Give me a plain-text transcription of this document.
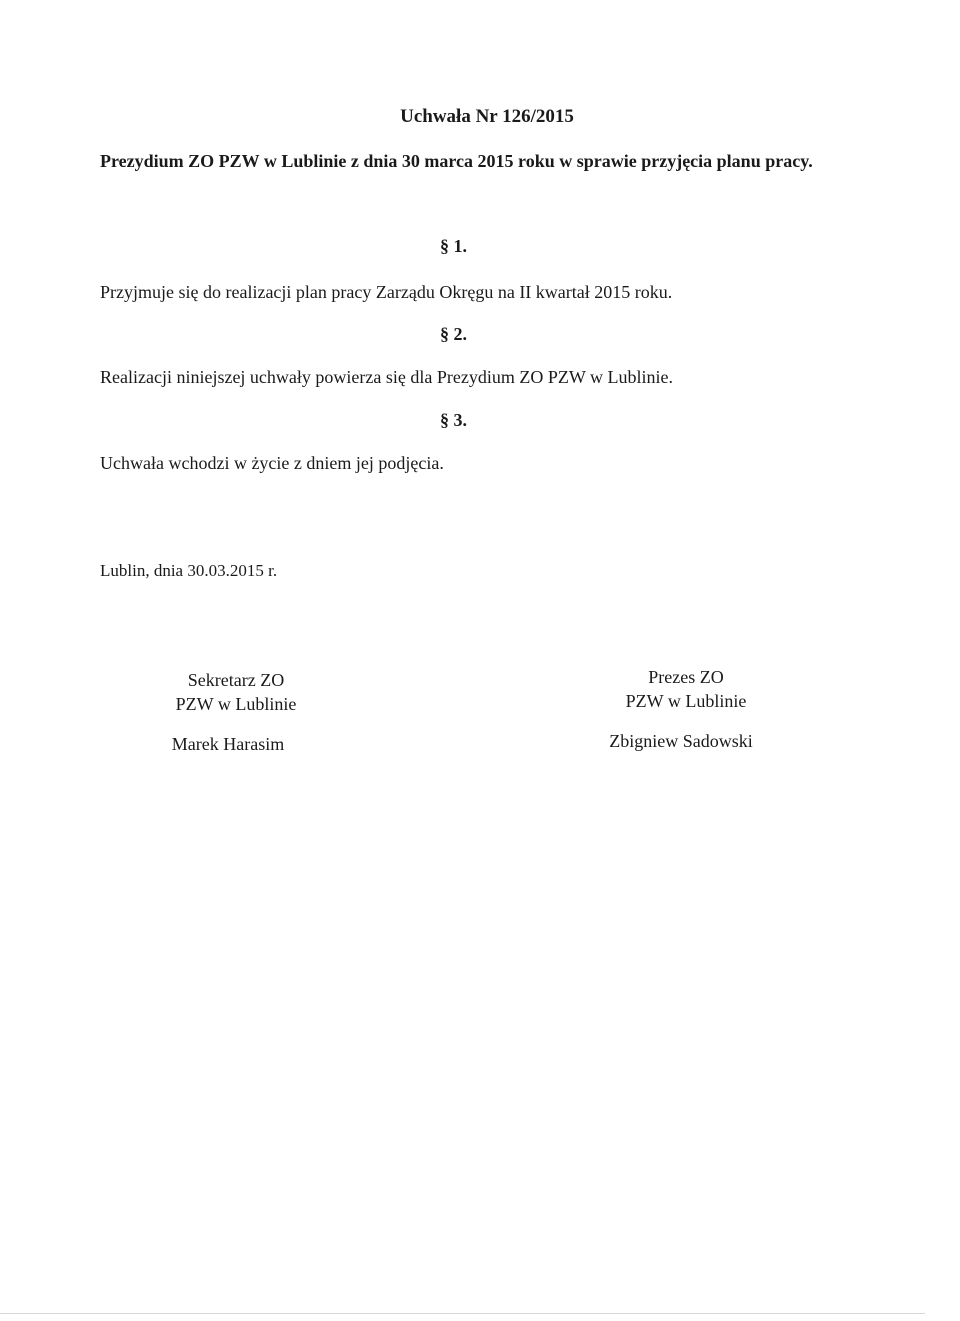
Uchwała Nr 126/2015
Prezydium ZO PZW w Lublinie z dnia 30 marca 2015 roku w sprawie przyjęcia planu pracy.
§ 1.
Przyjmuje się do realizacji plan pracy Zarządu Okręgu na II kwartał 2015 roku.
§ 2.
Realizacji niniejszej uchwały powierza się dla Prezydium ZO PZW w Lublinie.
§ 3.
Uchwała wchodzi w życie z dniem jej podjęcia.
Lublin, dnia 30.03.2015 r.
Sekretarz ZO
PZW w Lublinie
Marek Harasim
Prezes ZO
PZW w Lublinie
Zbigniew Sadowski
